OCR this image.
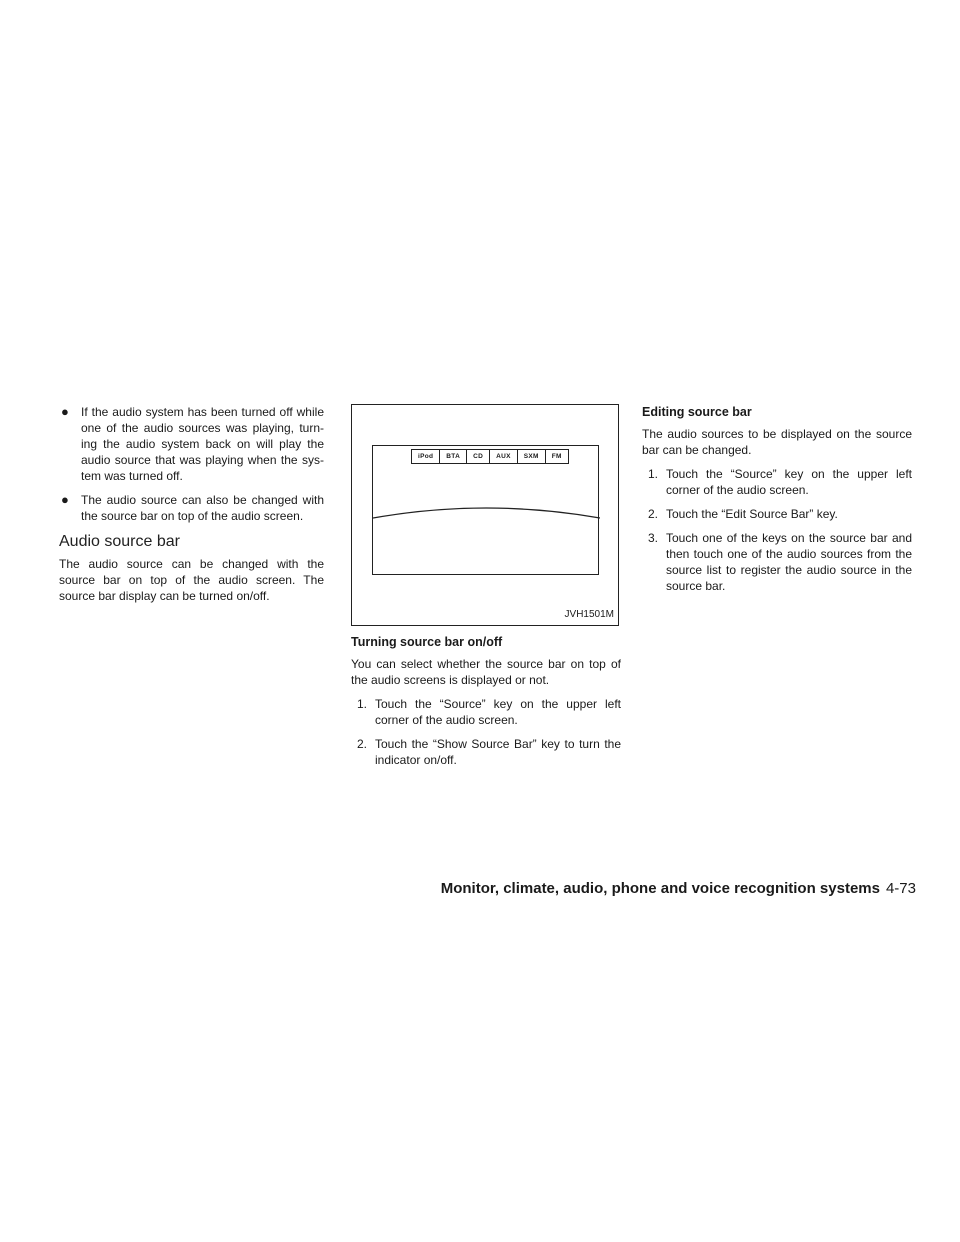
● If the audio system has been turned off while one of the audio sources was playing, turn- ing the audio system back on will play the audio source that was playing when the sys- tem was turned off.
● The audio source can also be changed with the source bar on top of the audio screen.
Audio source bar

The audio source can be changed with the source bar on top of the audio screen. The source bar display can be turned on/off.

iPod	BTA	CD	AUX	SXM	FM
JVH1501M
Turning source bar on/off

You can select whether the source bar on top of the audio screens is displayed or not.

1. Touch the “Source” key on the upper left corner of the audio screen.
2. Touch the “Show Source Bar” key to turn the indicator on/off.
Editing source bar

The audio sources to be displayed on the source bar can be changed.

1. Touch the “Source” key on the upper left corner of the audio screen.
2. Touch the “Edit Source Bar” key.
3. Touch one of the keys on the source bar and then touch one of the audio sources from the source list to register the audio source in the source bar.
Monitor, climate, audio, phone and voice recognition systems 4-73
